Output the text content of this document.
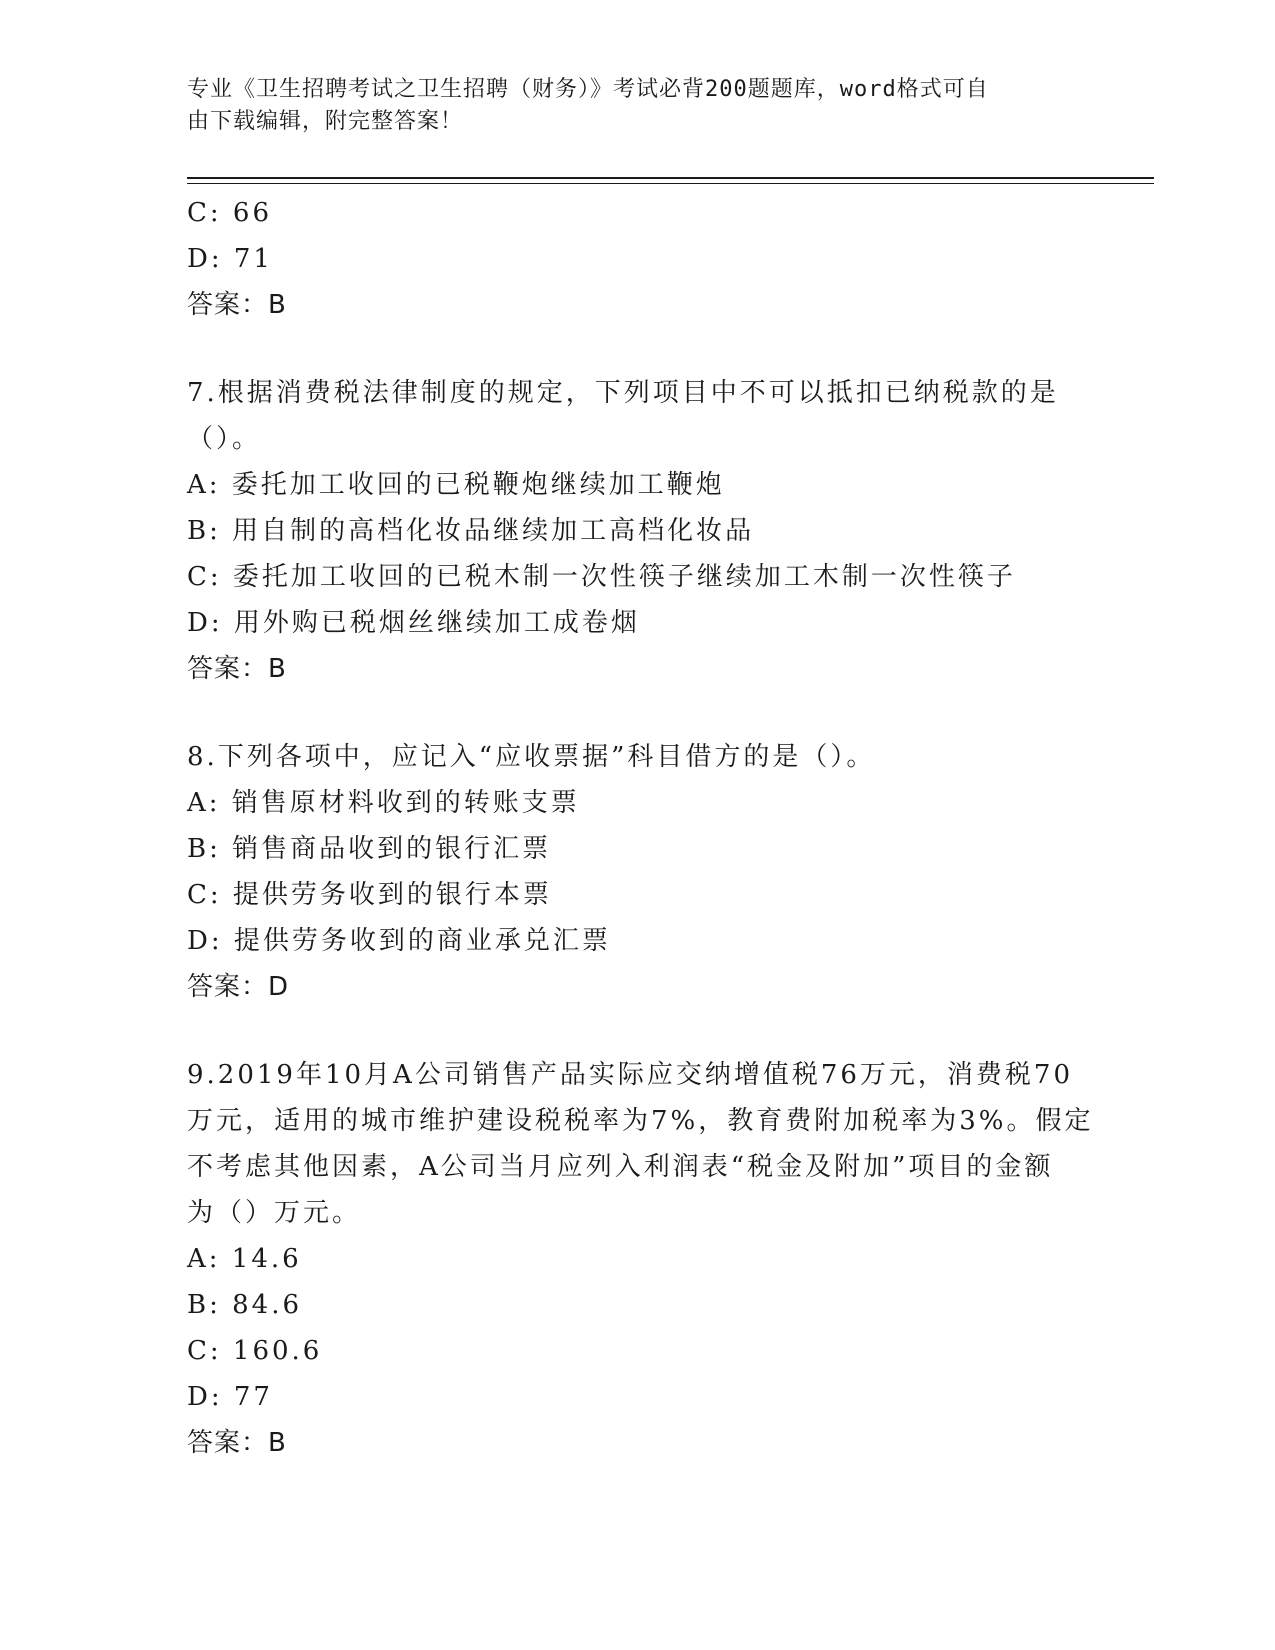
专业《卫生招聘考试之卫生招聘（财务）》考试必背200题题库，word格式可自
由下载编辑，附完整答案！
C: 66
D: 71
答案：B
7.根据消费税法律制度的规定，下列项目中不可以抵扣已纳税款的是
（）。
A: 委托加工收回的已税鞭炮继续加工鞭炮
B: 用自制的高档化妆品继续加工高档化妆品
C: 委托加工收回的已税木制一次性筷子继续加工木制一次性筷子
D: 用外购已税烟丝继续加工成卷烟
答案：B
8.下列各项中，应记入“应收票据”科目借方的是（）。
A: 销售原材料收到的转账支票
B: 销售商品收到的银行汇票
C: 提供劳务收到的银行本票
D: 提供劳务收到的商业承兑汇票
答案：D
9.2019年10月A公司销售产品实际应交纳增值税76万元，消费税70
万元，适用的城市维护建设税税率为7%，教育费附加税率为3%。假定
不考虑其他因素，A公司当月应列入利润表“税金及附加”项目的金额
为（）万元。
A: 14.6
B: 84.6
C: 160.6
D: 77
答案：B
